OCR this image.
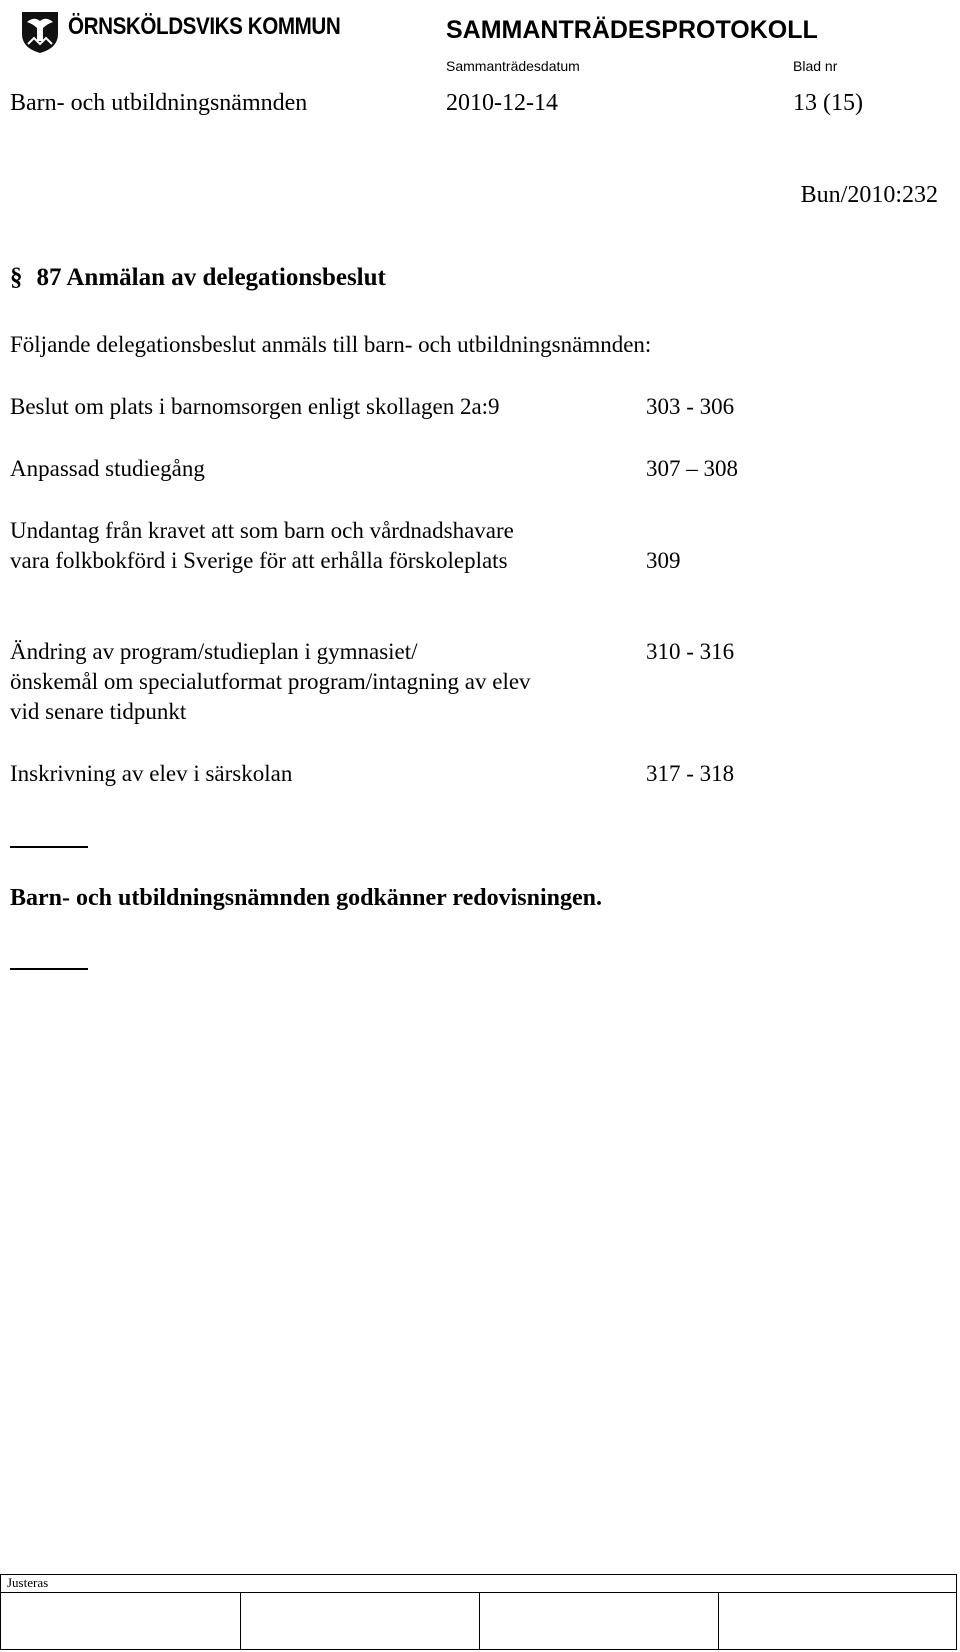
ÖRNSKÖLDSVIKS KOMMUN	SAMMANTRÄDESPROTOKOLL
Sammanträdesdatum	Blad nr
Barn- och utbildningsnämnden	2010-12-14	13 (15)
Bun/2010:232
§ 87 Anmälan av delegationsbeslut
Följande delegationsbeslut anmäls till barn- och utbildningsnämnden:
Beslut om plats i barnomsorgen enligt skollagen 2a:9	303 - 306
Anpassad studiegång	307 – 308
Undantag från kravet att som barn och vårdnadshavare
vara folkbokförd i Sverige för att erhålla förskoleplats	309
Ändring av program/studieplan i gymnasiet/	310 - 316
önskemål om specialutformat program/intagning av elev
vid senare tidpunkt
Inskrivning av elev i särskolan	317 - 318
Barn- och utbildningsnämnden godkänner redovisningen.
Justeras
